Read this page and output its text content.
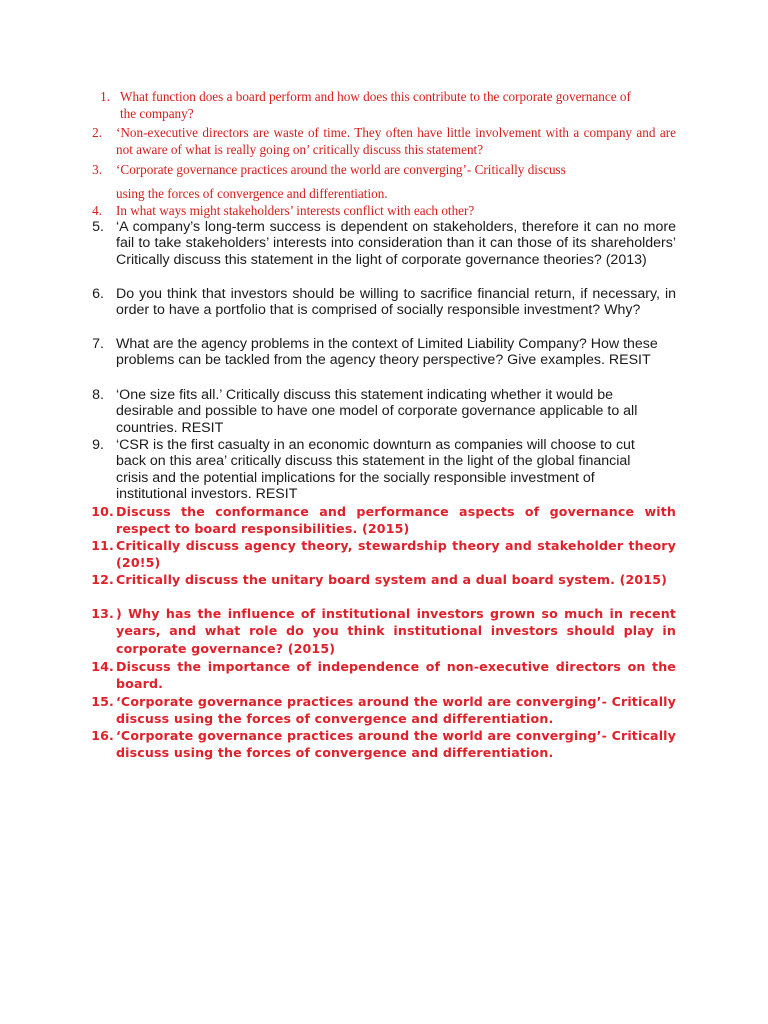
1. What function does a board perform and how does this contribute to the corporate governance of the company?
2. ‘Non-executive directors are waste of time. They often have little involvement with a company and are not aware of what is really going on’ critically discuss this statement?
3. ‘Corporate governance practices around the world are converging’- Critically discuss
using the forces of convergence and differentiation.
4. In what ways might stakeholders’ interests conflict with each other?
5. ‘A company’s long-term success is dependent on stakeholders, therefore it can no more fail to take stakeholders’ interests into consideration than it can those of its shareholders’ Critically discuss this statement in the light of corporate governance theories? (2013)
6. Do you think that investors should be willing to sacrifice financial return, if necessary, in order to have a portfolio that is comprised of socially responsible investment? Why?
7. What are the agency problems in the context of Limited Liability Company? How these problems can be tackled from the agency theory perspective? Give examples. RESIT
8. ‘One size fits all.’ Critically discuss this statement indicating whether it would be desirable and possible to have one model of corporate governance applicable to all countries. RESIT
9. ‘CSR is the first casualty in an economic downturn as companies will choose to cut back on this area’ critically discuss this statement in the light of the global financial crisis and the potential implications for the socially responsible investment of institutional investors. RESIT
10. Discuss the conformance and performance aspects of governance with respect to board responsibilities. (2015)
11. Critically discuss agency theory, stewardship theory and stakeholder theory (20!5)
12. Critically discuss the unitary board system and a dual board system. (2015)
13. ) Why has the influence of institutional investors grown so much in recent years, and what role do you think institutional investors should play in corporate governance? (2015)
14. Discuss the importance of independence of non-executive directors on the board.
15. ‘Corporate governance practices around the world are converging’- Critically discuss using the forces of convergence and differentiation.
16. ‘Corporate governance practices around the world are converging’- Critically discuss using the forces of convergence and differentiation.
